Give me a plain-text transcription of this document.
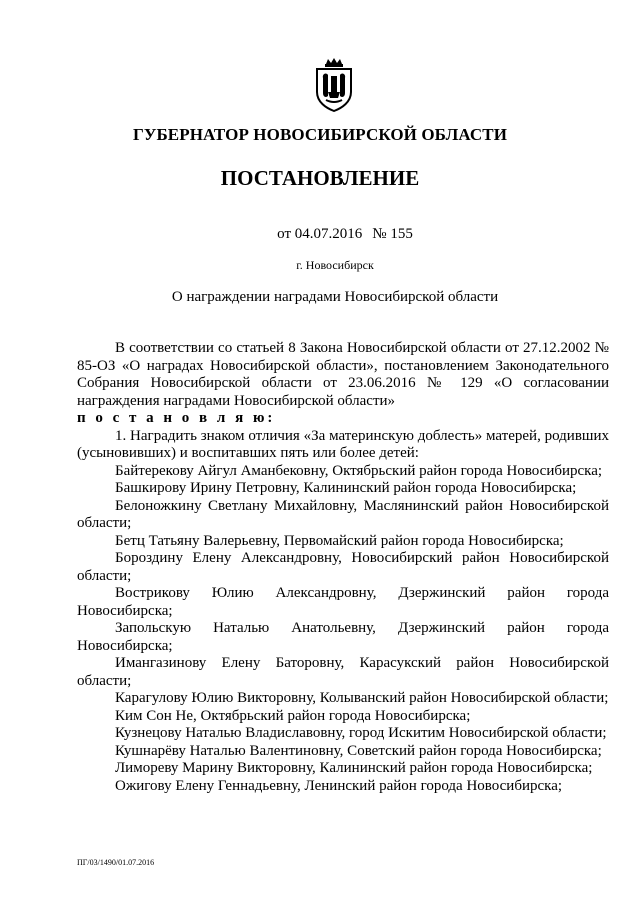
ГУБЕРНАТОР НОВОСИБИРСКОЙ ОБЛАСТИ
ПОСТАНОВЛЕНИЕ
от 04.07.2016 № 155
г. Новосибирск
О награждении наградами Новосибирской области

В соответствии со статьей 8 Закона Новосибирской области от 27.12.2002 № 85-ОЗ «О наградах Новосибирской области», постановлением Законодательного Собрания Новосибирской области от 23.06.2016 № 129 «О согласовании награждения наградами Новосибирской области»

п о с т а н о в л я ю:

1. Наградить знаком отличия «За материнскую доблесть» матерей, родивших (усыновивших) и воспитавших пять или более детей:

Байтерекову Айгул Аманбековну, Октябрьский район города Новосибирска;

Башкирову Ирину Петровну, Калининский район города Новосибирска;

Белоножкину Светлану Михайловну, Маслянинский район Новосибирской области;

Бетц Татьяну Валерьевну, Первомайский район города Новосибирска;

Бороздину Елену Александровну, Новосибирский район Новосибирской области;

Вострикову Юлию Александровну, Дзержинский район города Новосибирска;

Запольскую Наталью Анатольевну, Дзержинский район города Новосибирска;

Имангазинову Елену Баторовну, Карасукский район Новосибирской области;

Карагулову Юлию Викторовну, Колыванский район Новосибирской области;

Ким Сон Не, Октябрьский район города Новосибирска;

Кузнецову Наталью Владиславовну, город Искитим Новосибирской области;

Кушнарёву Наталью Валентиновну, Советский район города Новосибирска;

Лимореву Марину Викторовну, Калининский район города Новосибирска;

Ожигову Елену Геннадьевну, Ленинский район города Новосибирска;

ПГ/03/1490/01.07.2016
